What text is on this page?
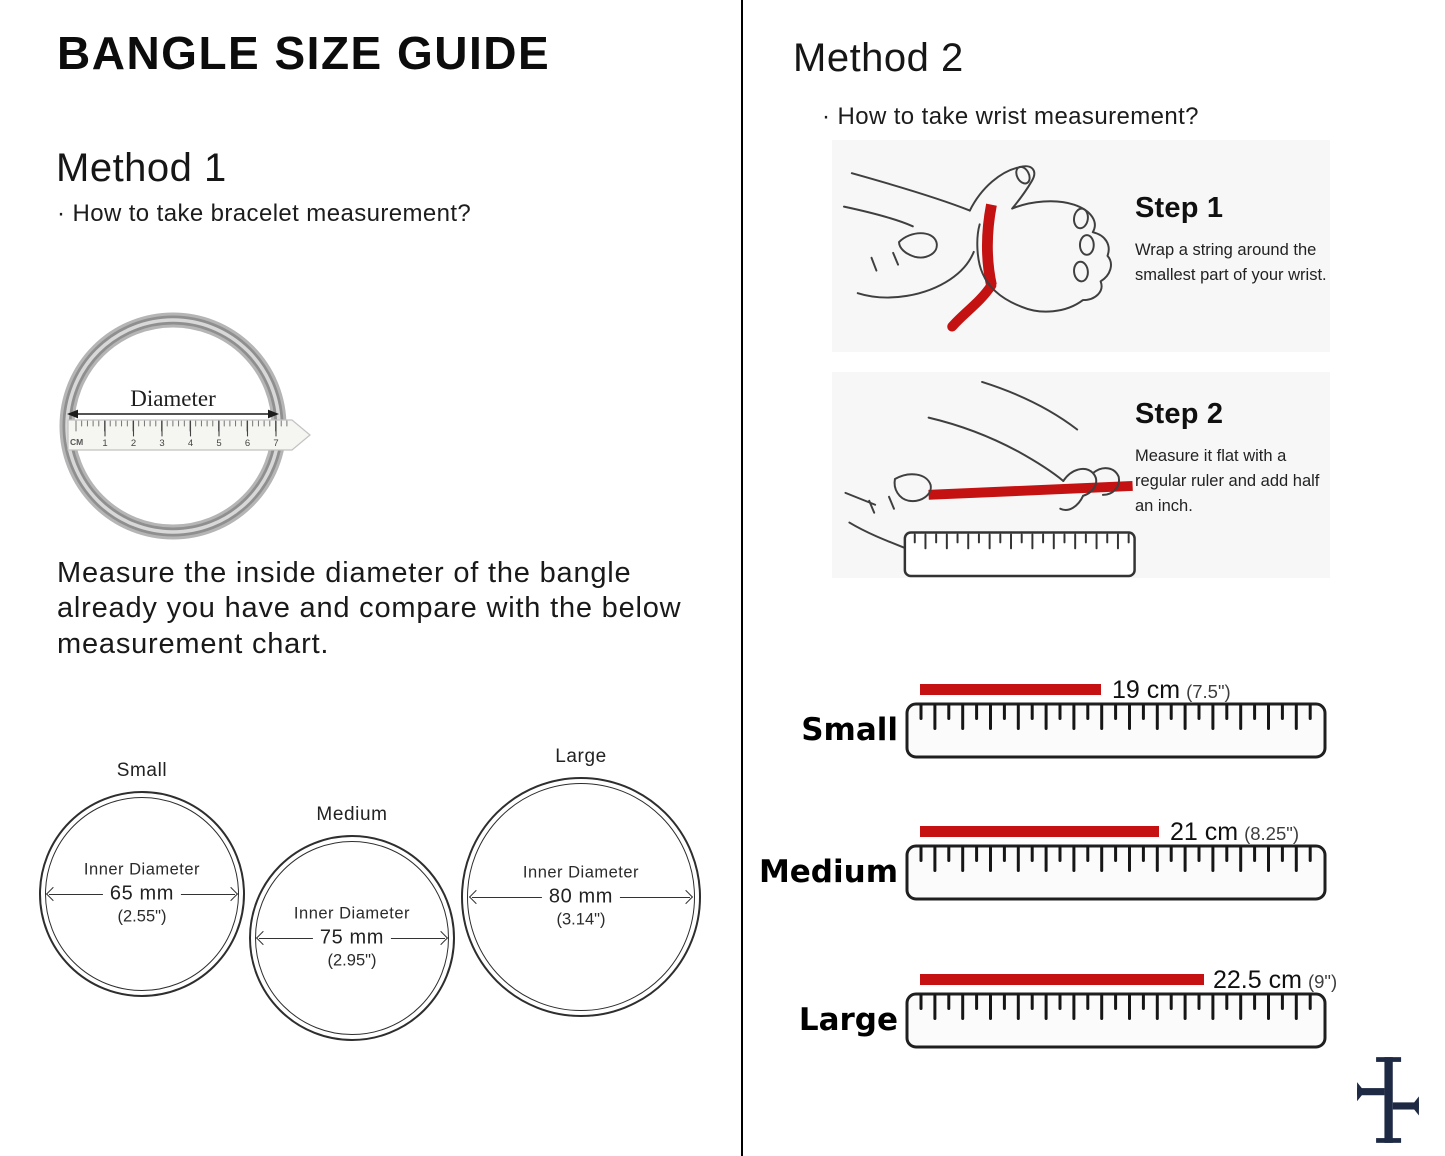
BANGLE SIZE GUIDE
Method 1
· How to take bracelet measurement?
1 2 3 4 5 6 7
CM
Diameter
Measure the inside diameter of the bangle already you have and compare with the below measurement chart.
Small
Inner Diameter
65 mm
(2.55")
Medium
Inner Diameter
75 mm
(2.95")
Large
Inner Diameter
80 mm
(3.14")
Method 2
· How to take wrist measurement?

Step 1

Wrap a string around the smallest part of your wrist.

Step 2

Measure it flat with a regular ruler and add half an inch.

Small
19 cm (7.5")
Medium
21 cm (8.25")
Large
22.5 cm (9")
